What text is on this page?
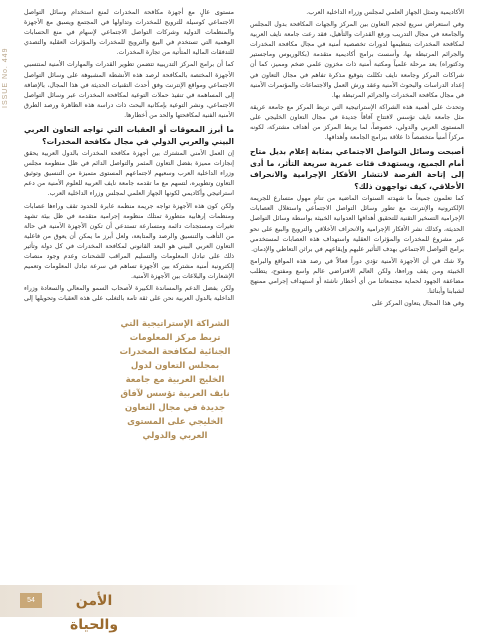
ISSUE No. 449

الأكاديمية وتمثل الجهاز العلمي لمجلس وزراء الداخلية العرب.

وفي استعراض سريع لحجم التعاون بين المركز والجهات المكافحة بدول المجلس والجامعة في مجال التدريب ورفع القدرات والتأهيل، فقد رعت جامعة نايف العربية لمكافحة المخدرات بتنظيمها لدورات تخصصية أمنية في مجال مكافحة المخدرات والجرائم المرتبطة بها، وأسست برامج أكاديمية متقدمة (بكالوريوس وماجستير ودكتوراه) بعد مرحلة علمياً ومكتبة أمنية ذات مخزون علمي ضخم ومميز، كما أن شراكات المركز وجامعة نايف تكللت بتوقيع مذكرة تفاهم في مجال التعاون في إعداد الدراسات والبحوث الأمنية وعقد ورش العمل والاجتماعات والمؤتمرات الأمنية في مجال مكافحة المخدرات والجرائم المرتبطة بها.

وتحدث على أهمية هذه الشراكة الإستراتيجية التي تربط المركز مع جامعة عريقة مثل جامعة نايف تؤسس لافتتاح آفاقاً جديدة في مجال التعاون الخليجي على المستوى العربي والدولي، خصوصاً، لما يربط المركز من أهداف مشتركة، لكونه مركزاً أمنياً متخصصاً ذا علاقة ببرامج الجامعة وأهدافها.

أصبحت وسائل التواصل الاجتماعي بمثابة إعلام بديل متاح أمام الجميع، ويستهدف فئات عمرية سريعة التأثر، ما أدى إلى إتاحة الفرصة لانتشار الأفكار الإجرامية والانحراف الأخلاقي، كيف تواجهون ذلك؟

كما تعلمون جميعاً ما شهدته السنوات الماضية من تنامٍ مهول متسارع للجريمة الإلكترونية والإنترنت مع تطور وسائل التواصل الاجتماعي واستغلال العصابات الإجرامية التسخير التقنية للتحقيق أهدافها العدوانية الخبيثة بواسطة وسائل التواصل الحديثة، وكذلك نشر الأفكار الإجرامية والانحراف الأخلاقي والترويج والبيع على نحو غير مشروع للمخدرات والمؤثرات العقلية واستهداف هذه العصابات لمستخدمي برامج التواصل الاجتماعي بهدف التأثير عليهم وإيقاعهم في براثن التعاطي والإدمان.

ولا شك في أن الأجهزة الأمنية تؤدي دوراً فعالاً في رصد هذه المواقع والبرامج الخبيثة ومن يقف وراءها، ولكن العالم الافتراضي عالم واسع ومفتوح، يتطلب مضاعفة الجهود لحماية مجتمعاتنا من أي أخطار ناشئة أو استهداف إجرامي ممنهج لشبابنا وأبنائنا.

وفي هذا المجال يتعاون المركز على

مستوى عالٍ مع أجهزة مكافحة المخدرات لمنع استخدام وسائل التواصل الاجتماعي كوسيلة للترويج للمخدرات وتداولها في المجتمع ويسبق مع الأجهزة والمنظمات الدولية وشركات التواصل الاجتماعي لإسهام في منع الحسابات الوهمية التي تستخدم في البيع والترويج للمخدرات والمؤثرات العقلية والتصدي للتدفقات المالية المتأتية من تجارة المخدرات.

كما أن برامج المركز التدريبية تتضمن تطوير القدرات والمهارات الأمنية لمنتسبي الأجهزة المختصة بالمكافحة لرصد هذه الأنشطة المشبوهة على وسائل التواصل الاجتماعي ومواقع الإنترنت وفق أحدث التقنيات الحديثة في هذا المجال، بالإضافة إلى المساهمة في تنفيذ حملات التوعية لمكافحة المخدرات عبر وسائل التواصل الاجتماعي، ونشر التوعية بإمكانية البحث ذات دراسة هذه الظاهرة ورصد الطرق الأمنية الفنية لمكافحتها والحد من أخطارها.

ما أبرز المعوقات أو العقبات التي تواجه التعاون العربي البيني والعربي الدولي في مجال مكافحة المخدرات؟

إن العمل الأمني المشترك بين أجهزة مكافحة المخدرات بالدول العربية يحقق إنجازات مميزة بفضل التعاون المثمر والتواصل الدائم في ظل منظومة مجلس وزراء الداخلية العرب وسعيهم لاجتماعهم المستوى متميزة من التنسيق وتوثيق التعاون وتطويره، لتسهم مع ما تقدمه جامعة نايف العربية للعلوم الأمنية من دعم استراتيجي وأكاديمي لكونها الجهاز العلمي لمجلس وزراء الداخلية العرب.

ولكن كون هذه الأجهزة تواجه جريمة منظمة عابرة للحدود تقف وراءها عصابات ومنظمات إرهابية متطورة تمتلك منظومة إجرامية متقدمة في ظل بيئة تشهد تغيرات ومستجدات دائمة ومتسارعة تستدعي أن تكون الأجهزة الأمنية في حالة من التأهب والتنسيق والرصد والمتابعة، ولعل أبرز ما يمكن أن يعوق من فاعلية التعاون العربي البيني هو البعد القانوني لمكافحة المخدرات في كل دولة وتأثير ذلك على تبادل المعلومات والتسليم المراقب للشحنات وعدم وجود منصات إلكترونية أمنية مشتركة بين الأجهزة تساهم في سرعة تبادل المعلومات وتعميم الإشعارات والبلاغات بين الأجهزة الأمنية.

ولكن بفضل الدعم والمساندة الكبيرة لأصحاب السمو والمعالي والسعادة وزراء الداخلية بالدول العربية نحن على ثقة تامة بالتغلب على هذه العقبات وتحويلها إلى

الشراكة الإستراتيجية التي تربط مركز المعلومات الجنائية لمكافحة المخدرات بمجلس التعاون لدول الخليج العربية مع جامعة نايف العربية تؤسس لآفاق جديدة في مجال التعاون الخليجي على المستوى العربي والدولي
54	الأمن والحياة
